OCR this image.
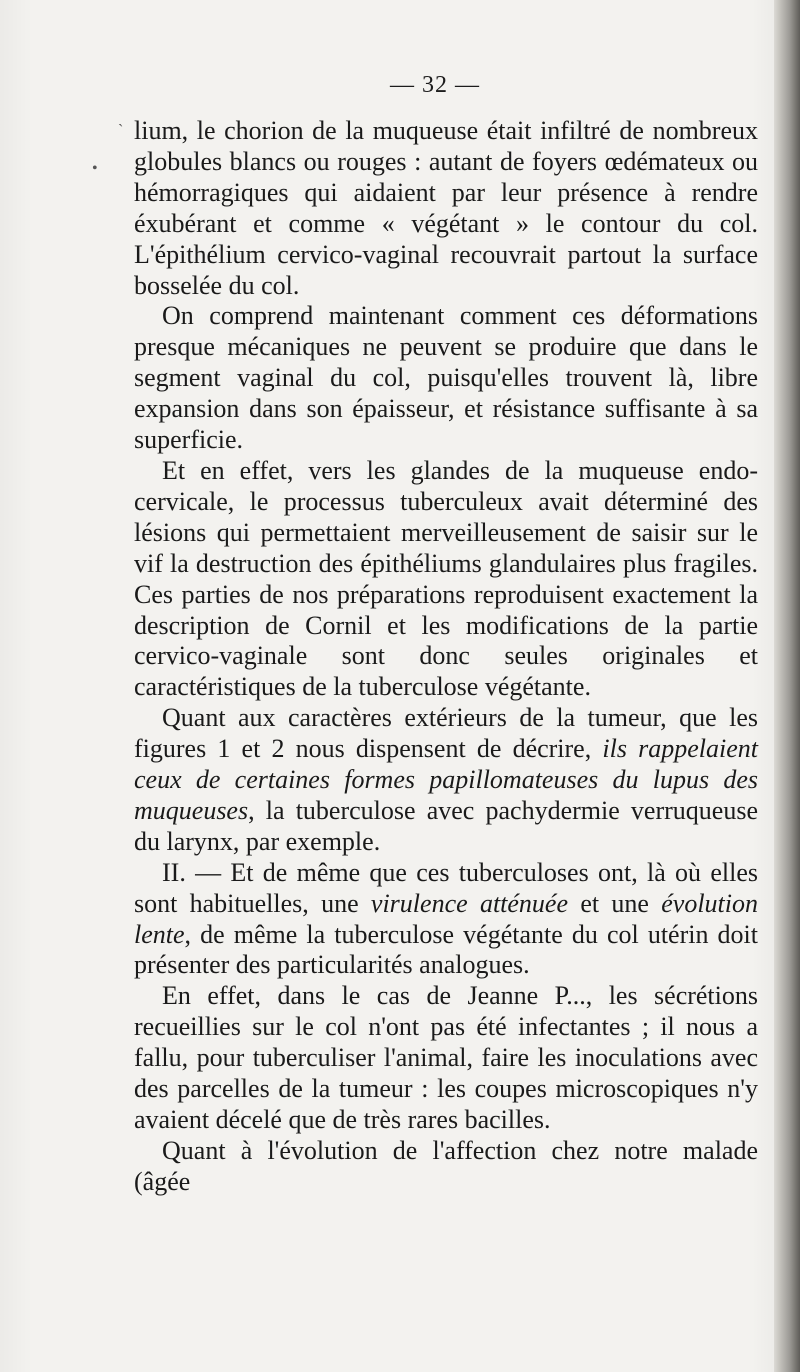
— 32 —
`
•

lium, le chorion de la muqueuse était infiltré de nombreux globules blancs ou rouges : autant de foyers œdémateux ou hémorragiques qui aidaient par leur présence à rendre éxubérant et comme « végétant » le contour du col. L'épithélium cervico-vaginal recouvrait partout la surface bosselée du col.

On comprend maintenant comment ces déformations presque mécaniques ne peuvent se produire que dans le segment vaginal du col, puisqu'elles trouvent là, libre expansion dans son épaisseur, et résistance suffisante à sa superficie.

Et en effet, vers les glandes de la muqueuse endo-cervicale, le processus tuberculeux avait déterminé des lésions qui permettaient merveilleusement de saisir sur le vif la destruction des épithéliums glandulaires plus fragiles. Ces parties de nos préparations reproduisent exactement la description de Cornil et les modifications de la partie cervico-vaginale sont donc seules originales et caractéristiques de la tuberculose végétante.

Quant aux caractères extérieurs de la tumeur, que les figures 1 et 2 nous dispensent de décrire, ils rappelaient ceux de certaines formes papillomateuses du lupus des muqueuses, la tuberculose avec pachydermie verruqueuse du larynx, par exemple.

II. — Et de même que ces tuberculoses ont, là où elles sont habituelles, une virulence atténuée et une évolution lente, de même la tuberculose végétante du col utérin doit présenter des particularités analogues.

En effet, dans le cas de Jeanne P..., les sécrétions recueillies sur le col n'ont pas été infectantes ; il nous a fallu, pour tuberculiser l'animal, faire les inoculations avec des parcelles de la tumeur : les coupes microscopiques n'y avaient décelé que de très rares bacilles.

Quant à l'évolution de l'affection chez notre malade (âgée
